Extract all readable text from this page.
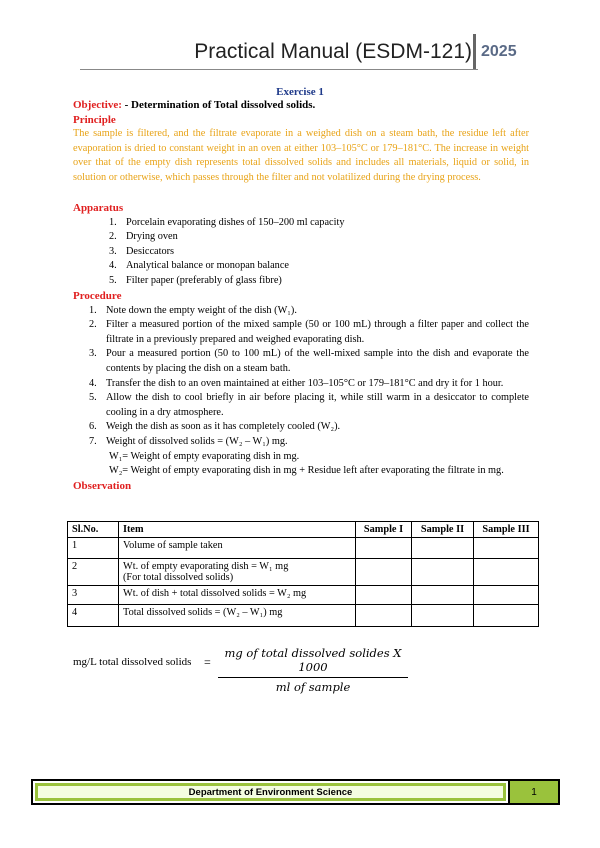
Practical Manual (ESDM-121) 2025
Exercise 1
Objective: - Determination of Total dissolved solids.
Principle
The sample is filtered, and the filtrate evaporate in a weighed dish on a steam bath, the residue left after evaporation is dried to constant weight in an oven at either 103–105°C or 179–181°C. The increase in weight over that of the empty dish represents total dissolved solids and includes all materials, liquid or solid, in solution or otherwise, which passes through the filter and not volatilized during the drying process.
Apparatus
1. Porcelain evaporating dishes of 150–200 ml capacity
2. Drying oven
3. Desiccators
4. Analytical balance or monopan balance
5. Filter paper (preferably of glass fibre)
Procedure
1. Note down the empty weight of the dish (W₁).
2. Filter a measured portion of the mixed sample (50 or 100 mL) through a filter paper and collect the filtrate in a previously prepared and weighed evaporating dish.
3. Pour a measured portion (50 to 100 mL) of the well-mixed sample into the dish and evaporate the contents by placing the dish on a steam bath.
4. Transfer the dish to an oven maintained at either 103–105°C or 179–181°C and dry it for 1 hour.
5. Allow the dish to cool briefly in air before placing it, while still warm in a desiccator to complete cooling in a dry atmosphere.
6. Weigh the dish as soon as it has completely cooled (W₂).
7. Weight of dissolved solids = (W₂ – W₁) mg.
W₁= Weight of empty evaporating dish in mg.
W₂= Weight of empty evaporating dish in mg + Residue left after evaporating the filtrate in mg.
Observation
Sl.No.	Item	Sample I	Sample II	Sample III
1	Volume of sample taken			
2	Wt. of empty evaporating dish = W₁ mg
(For total dissolved solids)			

3	Wt. of dish + total dissolved solids = W₂ mg			
4	Total dissolved solids = (W₂ – W₁) mg			
mg/L total dissolved solids =
mg of total dissolved solides X 1000
ml of sample
Department of Environment Science	1
